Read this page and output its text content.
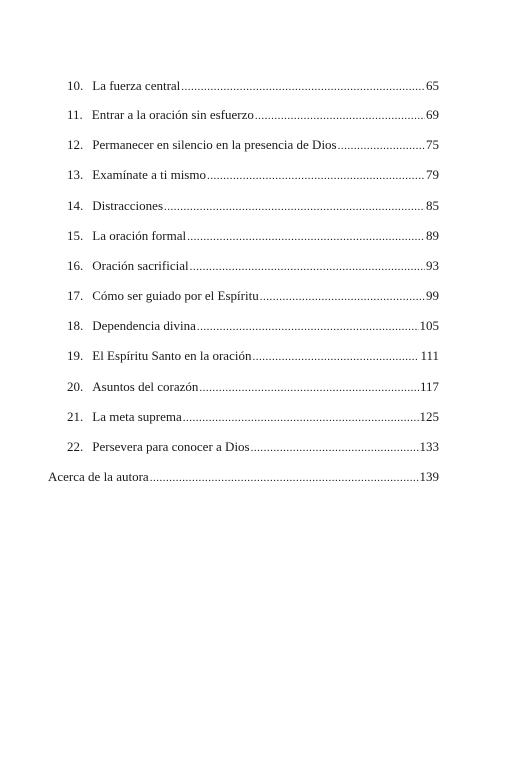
10. La fuerza central .....	65
11. Entrar a la oración sin esfuerzo .....	69
12. Permanecer en silencio en la presencia de Dios .....	75
13. Examínate a ti mismo .....	79
14. Distracciones .....	85
15. La oración formal .....	89
16. Oración sacrificial .....	93
17. Cómo ser guiado por el Espíritu .....	99
18. Dependencia divina .....	105
19. El Espíritu Santo en la oración .....	111
20. Asuntos del corazón .....	117
21. La meta suprema .....	125
22. Persevera para conocer a Dios .....	133
Acerca de la autora .....	139
